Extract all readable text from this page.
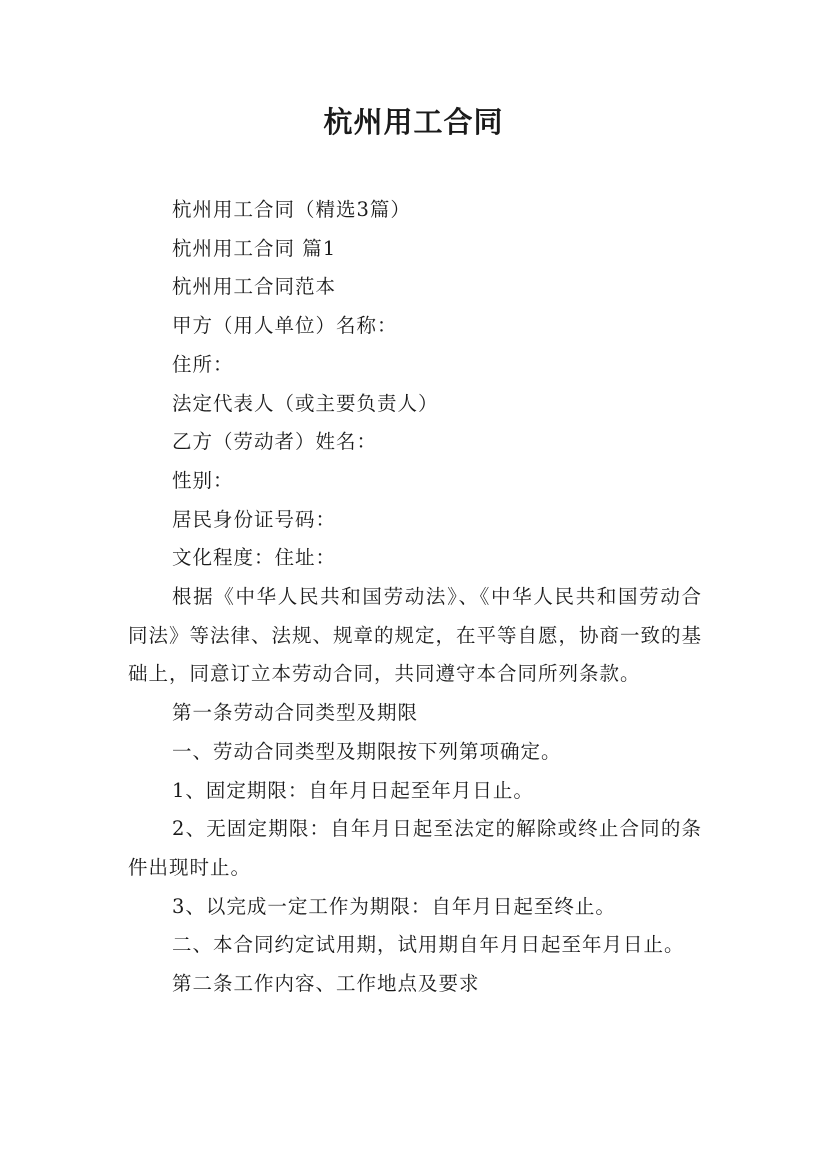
杭州用工合同

杭州用工合同（精选3篇）

杭州用工合同 篇1

杭州用工合同范本

甲方（用人单位）名称：

住所：

法定代表人（或主要负责人）

乙方（劳动者）姓名：

性别：

居民身份证号码：

文化程度：住址：

根据《中华人民共和国劳动法》、《中华人民共和国劳动合同法》等法律、法规、规章的规定，在平等自愿，协商一致的基础上，同意订立本劳动合同，共同遵守本合同所列条款。

第一条劳动合同类型及期限

一、劳动合同类型及期限按下列第项确定。

1、固定期限：自年月日起至年月日止。

2、无固定期限：自年月日起至法定的解除或终止合同的条件出现时止。

3、以完成一定工作为期限：自年月日起至终止。

二、本合同约定试用期，试用期自年月日起至年月日止。

第二条工作内容、工作地点及要求
